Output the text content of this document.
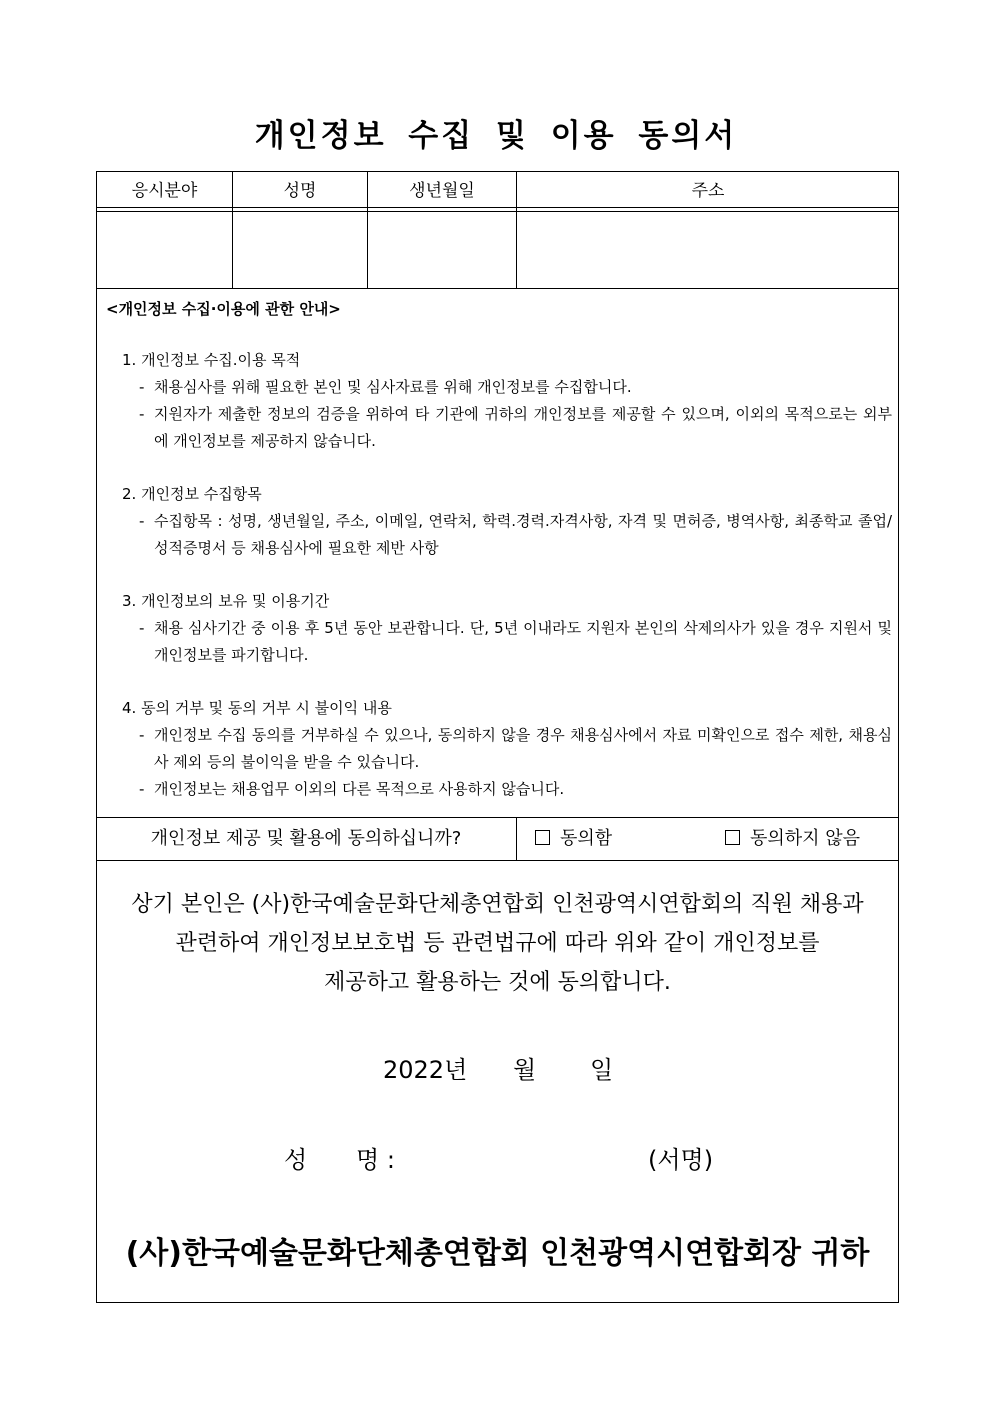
개인정보 수집 및 이용 동의서
응시분야	성명	생년월일	주소
<개인정보 수집·이용에 관한 안내>
1. 개인정보 수집.이용 목적
- 채용심사를 위해 필요한 본인 및 심사자료를 위해 개인정보를 수집합니다.
- 지원자가 제출한 정보의 검증을 위하여 타 기관에 귀하의 개인정보를 제공할 수 있으며, 이외의 목적으로는 외부에 개인정보를 제공하지 않습니다.
2. 개인정보 수집항목
- 수집항목 : 성명, 생년월일, 주소, 이메일, 연락처, 학력.경력.자격사항, 자격 및 면허증, 병역사항, 최종학교 졸업/성적증명서 등 채용심사에 필요한 제반 사항
3. 개인정보의 보유 및 이용기간
- 채용 심사기간 중 이용 후 5년 동안 보관합니다. 단, 5년 이내라도 지원자 본인의 삭제의사가 있을 경우 지원서 및 개인정보를 파기합니다.
4. 동의 거부 및 동의 거부 시 불이익 내용
- 개인정보 수집 동의를 거부하실 수 있으나, 동의하지 않을 경우 채용심사에서 자료 미확인으로 접수 제한, 채용심사 제외 등의 불이익을 받을 수 있습니다.
- 개인정보는 채용업무 이외의 다른 목적으로 사용하지 않습니다.
개인정보 제공 및 활용에 동의하십니까?	동의함	동의하지 않음
상기 본인은 (사)한국예술문화단체총연합회 인천광역시연합회의 직원 채용과
관련하여 개인정보보호법 등 관련법규에 따라 위와 같이 개인정보를
제공하고 활용하는 것에 동의합니다.
2022년 월 일
성 명 :	(서명)
(사)한국예술문화단체총연합회 인천광역시연합회장 귀하
